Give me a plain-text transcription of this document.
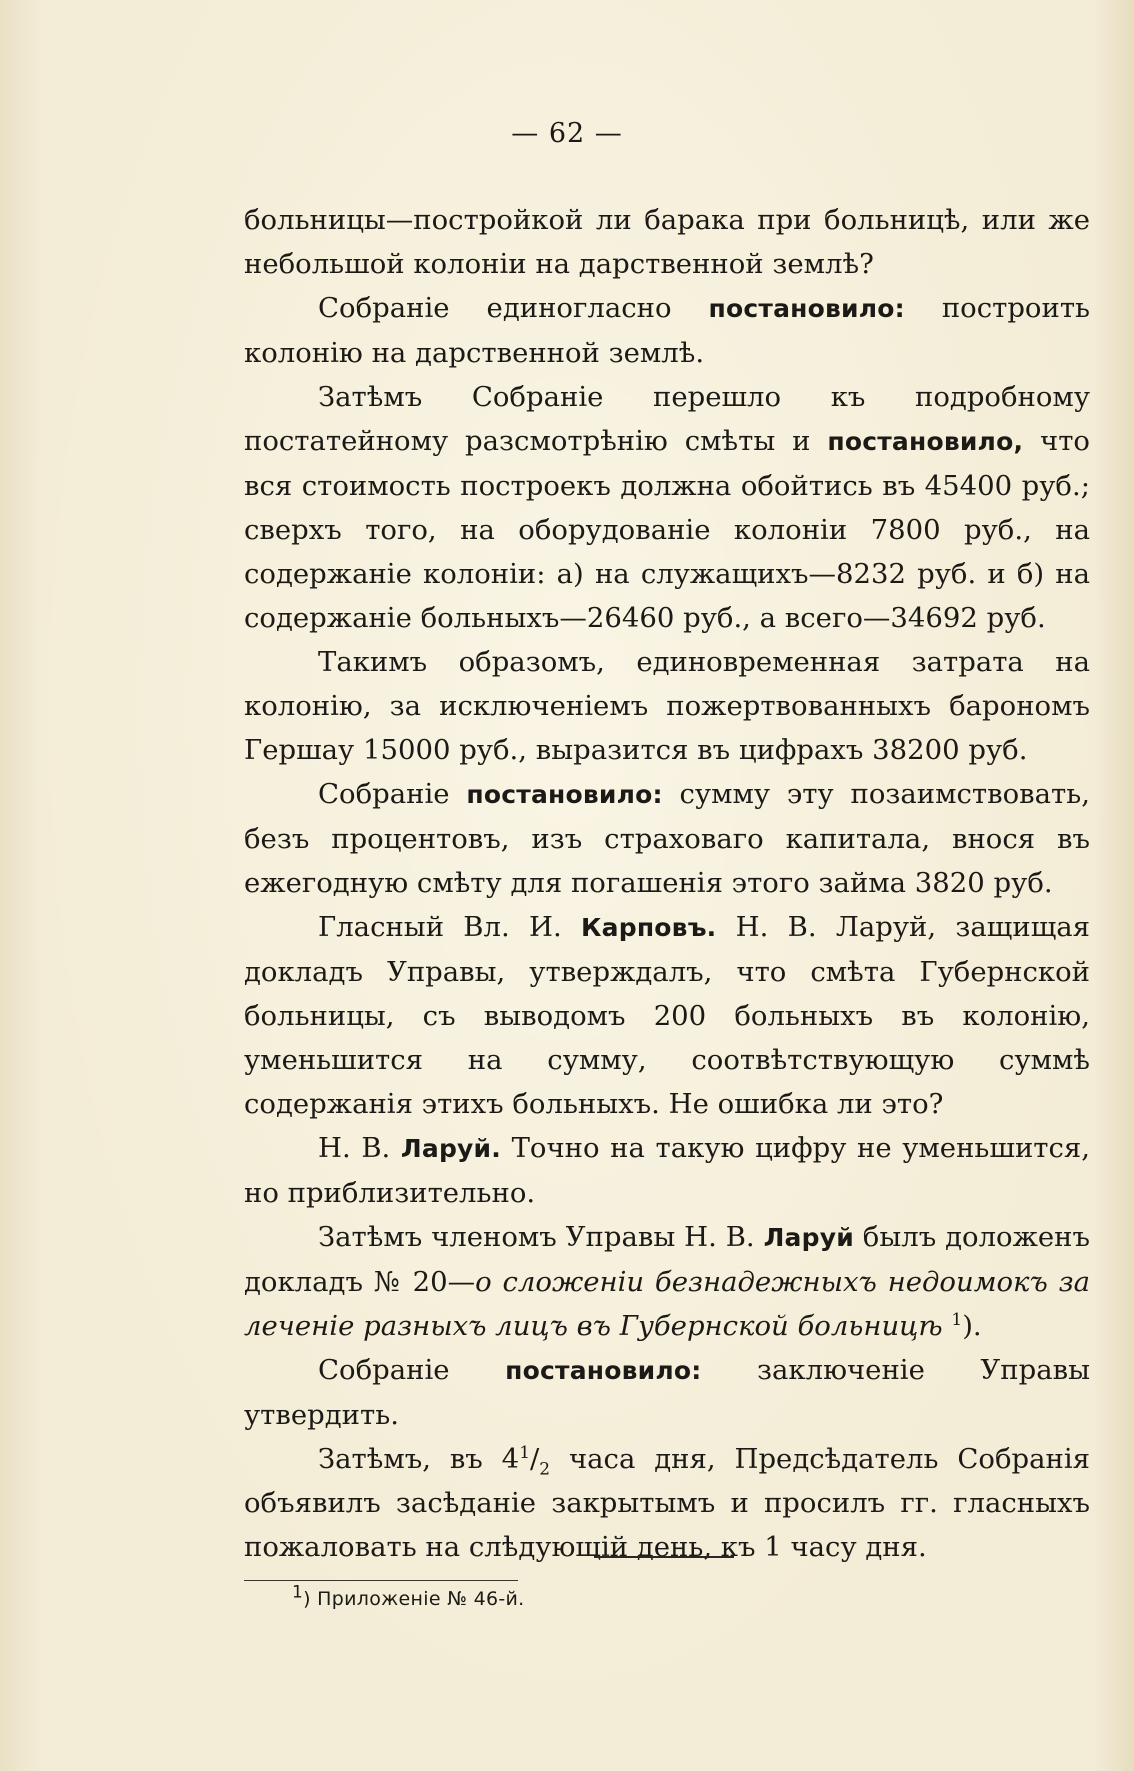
— 62 —

больницы—постройкой ли барака при больницѣ, или же небольшой колоніи на дарственной землѣ?

Собраніе единогласно постановило: построить колонію на дарственной землѣ.

Затѣмъ Собраніе перешло къ подробному постатейному разсмотрѣнію смѣты и постановило, что вся стоимость построекъ должна обойтись въ 45400 руб.; сверхъ того, на оборудованіе колоніи 7800 руб., на содержаніе колоніи: а) на служащихъ—8232 руб. и б) на содержаніе больныхъ—26460 руб., а всего—34692 руб.

Такимъ образомъ, единовременная затрата на колонію, за исключеніемъ пожертвованныхъ барономъ Гершау 15000 руб., выразится въ цифрахъ 38200 руб.

Собраніе постановило: сумму эту позаимствовать, безъ процентовъ, изъ страховаго капитала, внося въ ежегодную смѣту для погашенія этого займа 3820 руб.

Гласный Вл. И. Карповъ. Н. В. Ларуй, защищая докладъ Управы, утверждалъ, что смѣта Губернской больницы, съ выводомъ 200 больныхъ въ колонію, уменьшится на сумму, соотвѣтствующую суммѣ содержанія этихъ больныхъ. Не ошибка ли это?

Н. В. Ларуй. Точно на такую цифру не уменьшится, но приблизительно.

Затѣмъ членомъ Управы Н. В. Ларуй былъ доложенъ докладъ № 20—о сложеніи безнадежныхъ недоимокъ за леченіе разныхъ лицъ въ Губернской больницѣ $^1$).

Собраніе постановило: заключеніе Управы утвердить.

Затѣмъ, въ $4^1/_2$ часа дня, Предсѣдатель Собранія объявилъ засѣданіе закрытымъ и просилъ гг. гласныхъ пожаловать на слѣдующій день, къ 1 часу дня.

$^1$) Приложеніе № 46-й.
